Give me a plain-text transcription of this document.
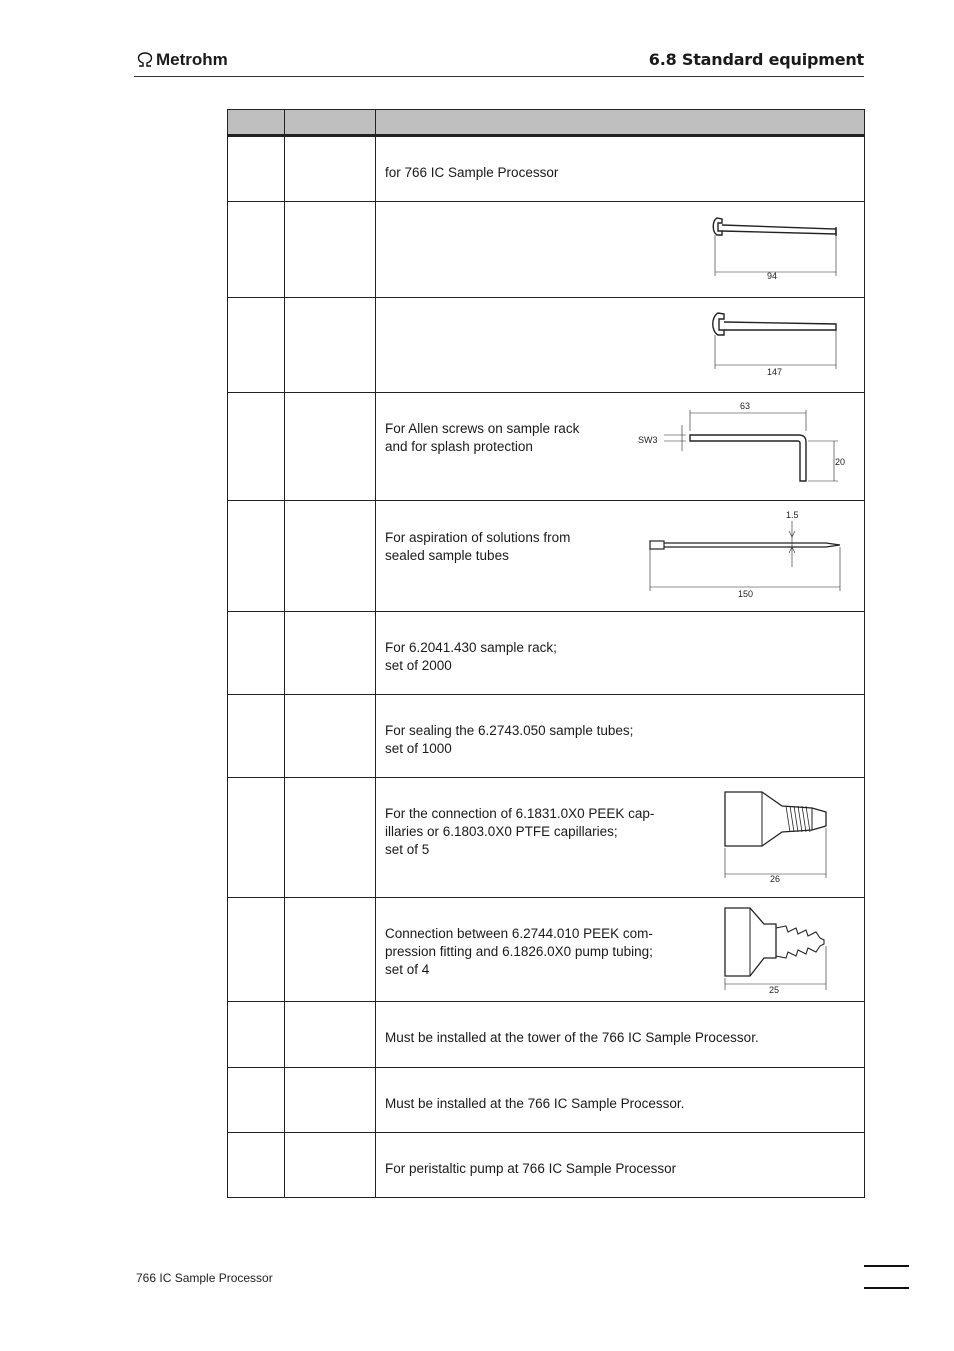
Metrohm	6.8 Standard equipment

		for 766 IC Sample Processor

94

147

		For Allen screws on sample rack
and for splash protection
63
SW3
20

		For aspiration of solutions from
sealed sample tubes
1.5
150

		For 6.2041.430 sample rack;
set of 2000

		For sealing the 6.2743.050 sample tubes;
set of 1000

		For the connection of 6.1831.0X0 PEEK cap-
illaries or 6.1803.0X0 PTFE capillaries;
set of 5
26

		Connection between 6.2744.010 PEEK com-
pression fitting and 6.1826.0X0 pump tubing;
set of 4
25

		Must be installed at the tower of the 766 IC Sample Processor.

		Must be installed at the 766 IC Sample Processor.

		For peristaltic pump at 766 IC Sample Processor
766 IC Sample Processor
